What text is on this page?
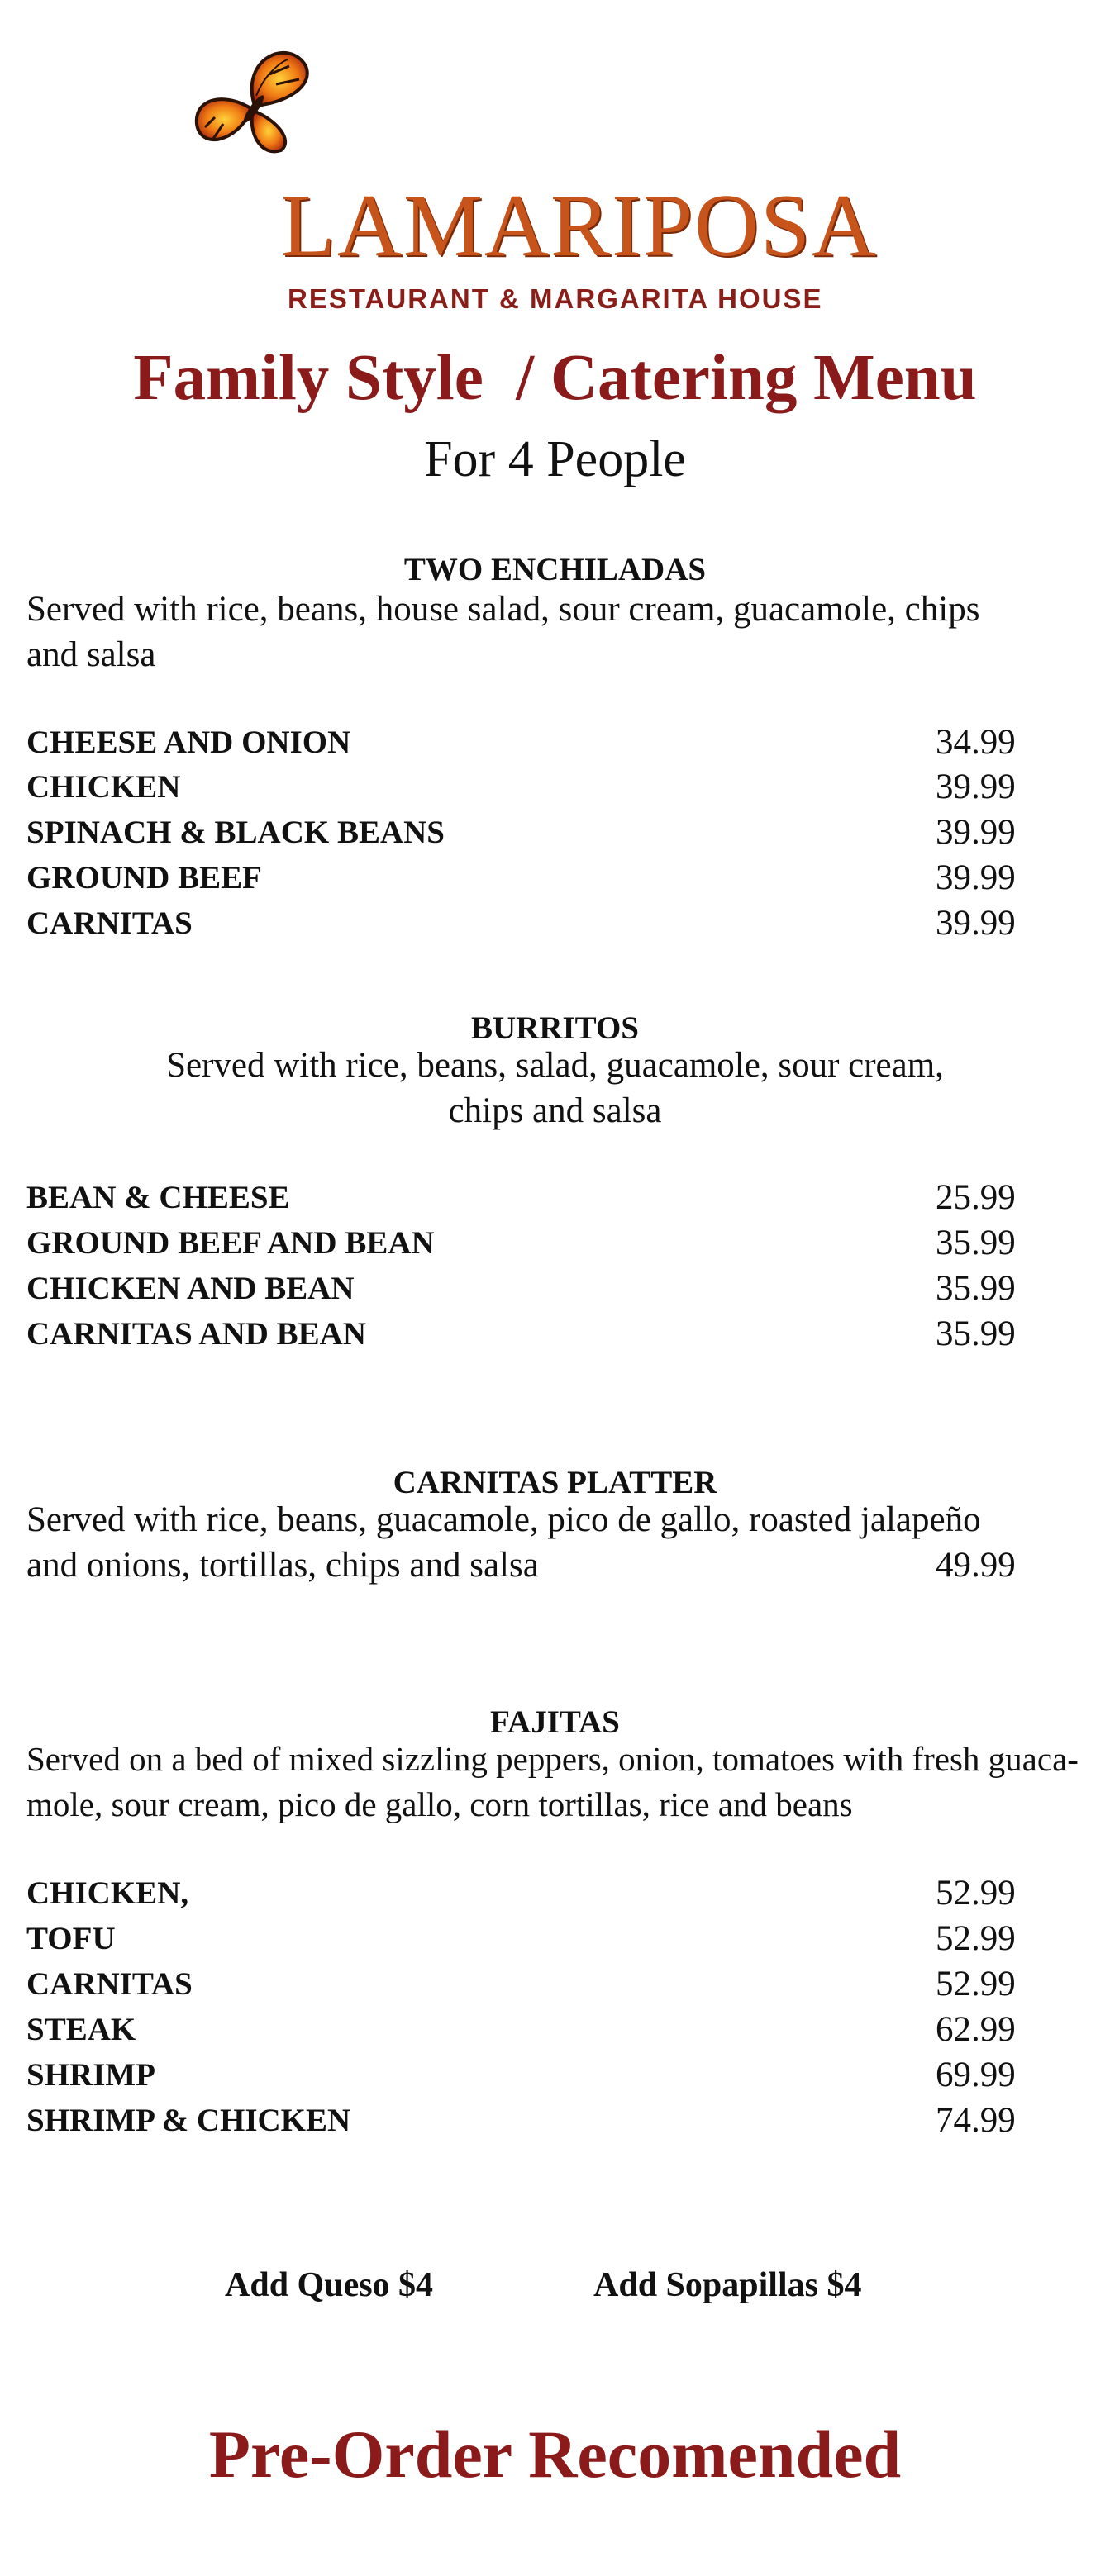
LAMARIPOSA
RESTAURANT & MARGARITA HOUSE
Family Style  / Catering Menu
For 4 People
TWO ENCHILADAS
Served with rice, beans, house salad, sour cream, guacamole, chips
and salsa
CHEESE AND ONION	34.99
CHICKEN	39.99
SPINACH & BLACK BEANS	39.99
GROUND BEEF	39.99
CARNITAS	39.99
BURRITOS
Served with rice, beans, salad, guacamole, sour cream,
chips and salsa
BEAN & CHEESE	25.99
GROUND BEEF AND BEAN	35.99
CHICKEN AND BEAN	35.99
CARNITAS AND BEAN	35.99
CARNITAS PLATTER
Served with rice, beans, guacamole, pico de gallo, roasted jalapeño
and onions, tortillas, chips and salsa	49.99
FAJITAS
Served on a bed of mixed sizzling peppers, onion, tomatoes with fresh guaca-
mole, sour cream, pico de gallo, corn tortillas, rice and beans
CHICKEN,	52.99
TOFU	52.99
CARNITAS	52.99
STEAK	62.99
SHRIMP	69.99
SHRIMP & CHICKEN	74.99
Add Queso $4	Add Sopapillas $4
Pre-Order Recomended
